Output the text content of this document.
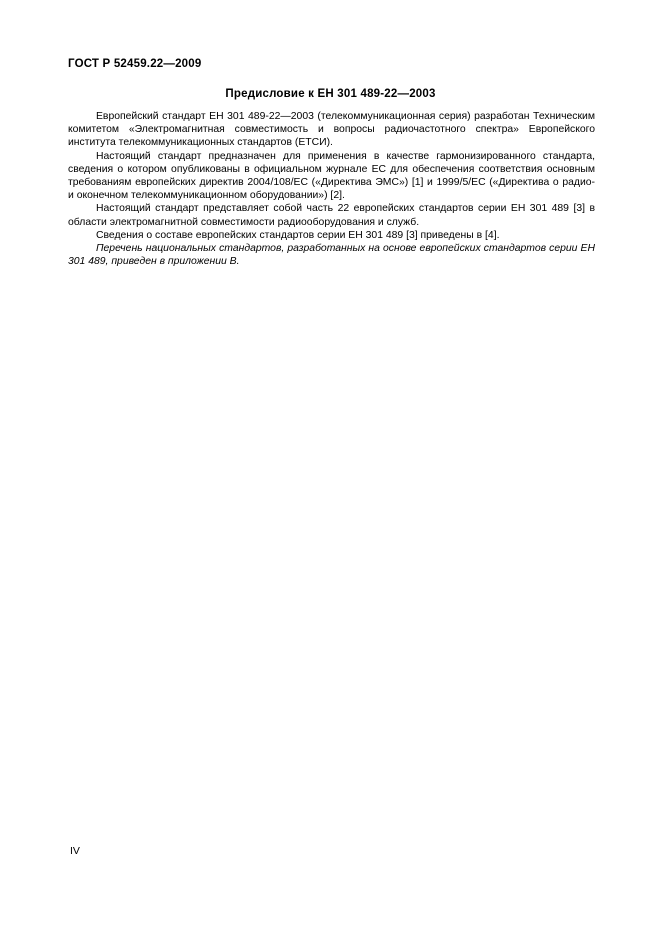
ГОСТ Р 52459.22—2009
Предисловие к ЕН 301 489-22—2003

Европейский стандарт ЕН 301 489-22—2003 (телекоммуникационная серия) разработан Техническим комитетом «Электромагнитная совместимость и вопросы радиочастотного спектра» Европейского института телекоммуникационных стандартов (ЕТСИ).

Настоящий стандарт предназначен для применения в качестве гармонизированного стандарта, сведения о котором опубликованы в официальном журнале ЕС для обеспечения соответствия основным требованиям европейских директив 2004/108/ЕС («Директива ЭМС») [1] и 1999/5/ЕС («Директива о радио- и оконечном телекоммуникационном оборудовании») [2].

Настоящий стандарт представляет собой часть 22 европейских стандартов серии ЕН 301 489 [3] в области электромагнитной совместимости радиооборудования и служб.

Сведения о составе европейских стандартов серии ЕН 301 489 [3] приведены в [4].

Перечень национальных стандартов, разработанных на основе европейских стандартов серии ЕН 301 489, приведен в приложении В.

IV
